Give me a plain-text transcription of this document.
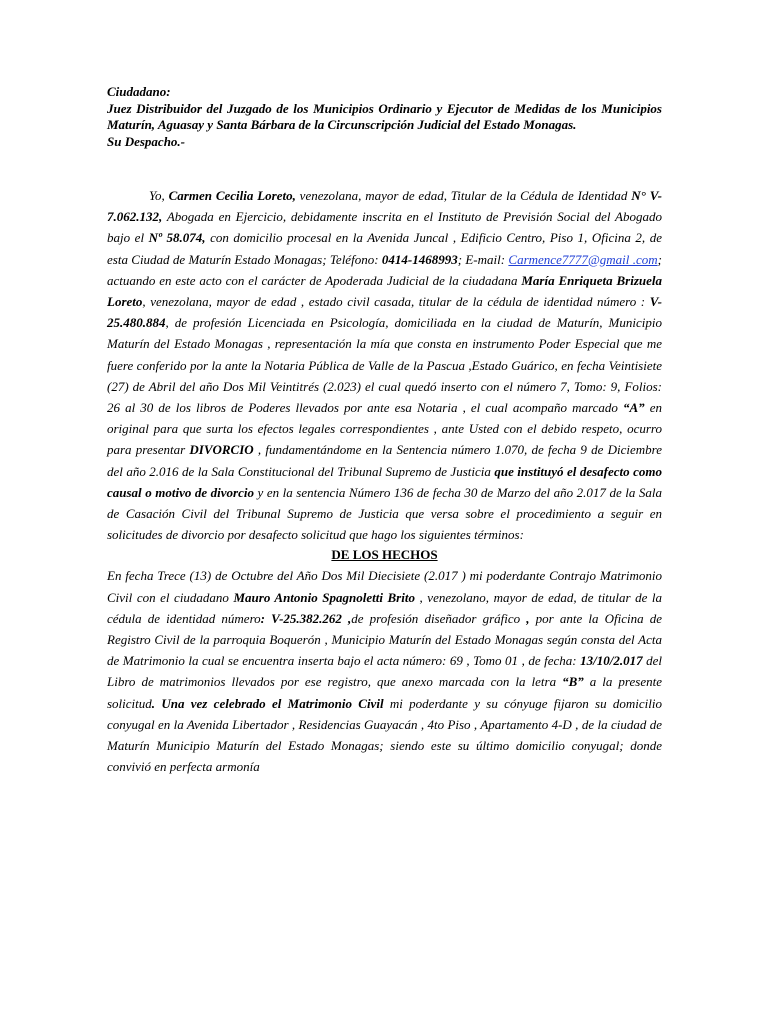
Ciudadano:
Juez Distribuidor del Juzgado de los Municipios Ordinario y Ejecutor de Medidas de los Municipios Maturín, Aguasay y Santa Bárbara de la Circunscripción Judicial del Estado Monagas.
Su Despacho.-

Yo, Carmen Cecilia Loreto, venezolana, mayor de edad, Titular de la Cédula de Identidad N° V-7.062.132, Abogada en Ejercicio, debidamente inscrita en el Instituto de Previsión Social del Abogado bajo el Nº 58.074, con domicilio procesal en la Avenida Juncal , Edificio Centro, Piso 1, Oficina 2, de esta Ciudad de Maturín Estado Monagas; Teléfono: 0414-1468993; E-mail: Carmence7777@gmail .com; actuando en este acto con el carácter de Apoderada Judicial de la ciudadana María Enriqueta Brizuela Loreto, venezolana, mayor de edad , estado civil casada, titular de la cédula de identidad número : V- 25.480.884, de profesión Licenciada en Psicología, domiciliada en la ciudad de Maturín, Municipio Maturín del Estado Monagas , representación la mía que consta en instrumento Poder Especial que me fuere conferido por la ante la Notaria Pública de Valle de la Pascua ,Estado Guárico, en fecha Veintisiete (27) de Abril del año Dos Mil Veintitrés (2.023) el cual quedó inserto con el número 7, Tomo: 9, Folios: 26 al 30 de los libros de Poderes llevados por ante esa Notaria , el cual acompaño marcado “A” en original para que surta los efectos legales correspondientes , ante Usted con el debido respeto, ocurro para presentar DIVORCIO , fundamentándome en la Sentencia número 1.070, de fecha 9 de Diciembre del año 2.016 de la Sala Constitucional del Tribunal Supremo de Justicia que instituyó el desafecto como causal o motivo de divorcio y en la sentencia Número 136 de fecha 30 de Marzo del año 2.017 de la Sala de Casación Civil del Tribunal Supremo de Justicia que versa sobre el procedimiento a seguir en solicitudes de divorcio por desafecto solicitud que hago los siguientes términos:

DE LOS HECHOS

En fecha Trece (13) de Octubre del Año Dos Mil Diecisiete (2.017 ) mi poderdante Contrajo Matrimonio Civil con el ciudadano Mauro Antonio Spagnoletti Brito , venezolano, mayor de edad, de titular de la cédula de identidad número: V-25.382.262 ,de profesión diseñador gráfico , por ante la Oficina de Registro Civil de la parroquia Boquerón , Municipio Maturín del Estado Monagas según consta del Acta de Matrimonio la cual se encuentra inserta bajo el acta número: 69 , Tomo 01 , de fecha: 13/10/2.017 del Libro de matrimonios llevados por ese registro, que anexo marcada con la letra “B” a la presente solicitud. Una vez celebrado el Matrimonio Civil mi poderdante y su cónyuge fijaron su domicilio conyugal en la Avenida Libertador , Residencias Guayacán , 4to Piso , Apartamento 4-D , de la ciudad de Maturín Municipio Maturín del Estado Monagas; siendo este su último domicilio conyugal; donde convivió en perfecta armonía
